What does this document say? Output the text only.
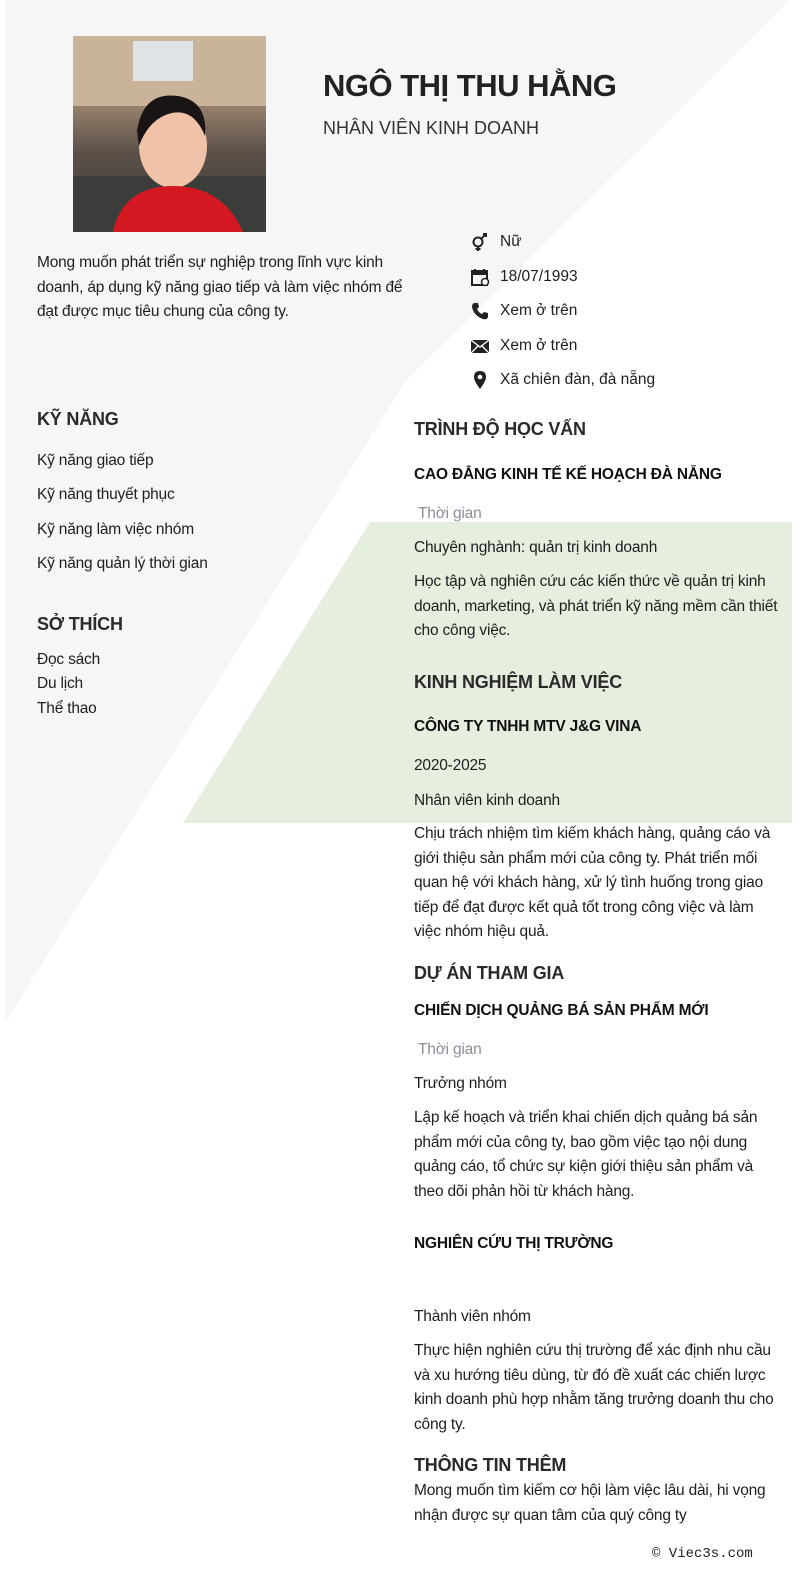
NGÔ THỊ THU HẰNG
NHÂN VIÊN KINH DOANH
Mong muốn phát triển sự nghiệp trong lĩnh vực kinh doanh, áp dụng kỹ năng giao tiếp và làm việc nhóm để đạt được mục tiêu chung của công ty.
Nữ
18/07/1993
Xem ở trên
Xem ở trên
Xã chiên đàn, đà nẵng
KỸ NĂNG
Kỹ năng giao tiếp
Kỹ năng thuyết phục
Kỹ năng làm việc nhóm
Kỹ năng quản lý thời gian
SỞ THÍCH
Đọc sách
Du lịch
Thể thao
TRÌNH ĐỘ HỌC VẤN
CAO ĐẲNG KINH TẾ KẾ HOẠCH ĐÀ NẴNG
Thời gian
Chuyên nghành: quản trị kinh doanh
Học tập và nghiên cứu các kiến thức về quản trị kinh doanh, marketing, và phát triển kỹ năng mềm cần thiết cho công việc.
KINH NGHIỆM LÀM VIỆC
CÔNG TY TNHH MTV J&G VINA
2020-2025
Nhân viên kinh doanh
Chịu trách nhiệm tìm kiếm khách hàng, quảng cáo và giới thiệu sản phẩm mới của công ty. Phát triển mối quan hệ với khách hàng, xử lý tình huống trong giao tiếp để đạt được kết quả tốt trong công việc và làm việc nhóm hiệu quả.
DỰ ÁN THAM GIA
CHIẾN DỊCH QUẢNG BÁ SẢN PHẨM MỚI
Thời gian
Trưởng nhóm
Lập kế hoạch và triển khai chiến dịch quảng bá sản phẩm mới của công ty, bao gồm việc tạo nội dung quảng cáo, tổ chức sự kiện giới thiệu sản phẩm và theo dõi phản hồi từ khách hàng.
NGHIÊN CỨU THỊ TRƯỜNG
Thành viên nhóm
Thực hiện nghiên cứu thị trường để xác định nhu cầu và xu hướng tiêu dùng, từ đó đề xuất các chiến lược kinh doanh phù hợp nhằm tăng trưởng doanh thu cho công ty.
THÔNG TIN THÊM
Mong muốn tìm kiếm cơ hội làm việc lâu dài, hi vọng nhận được sự quan tâm của quý công ty
© Viec3s.com
